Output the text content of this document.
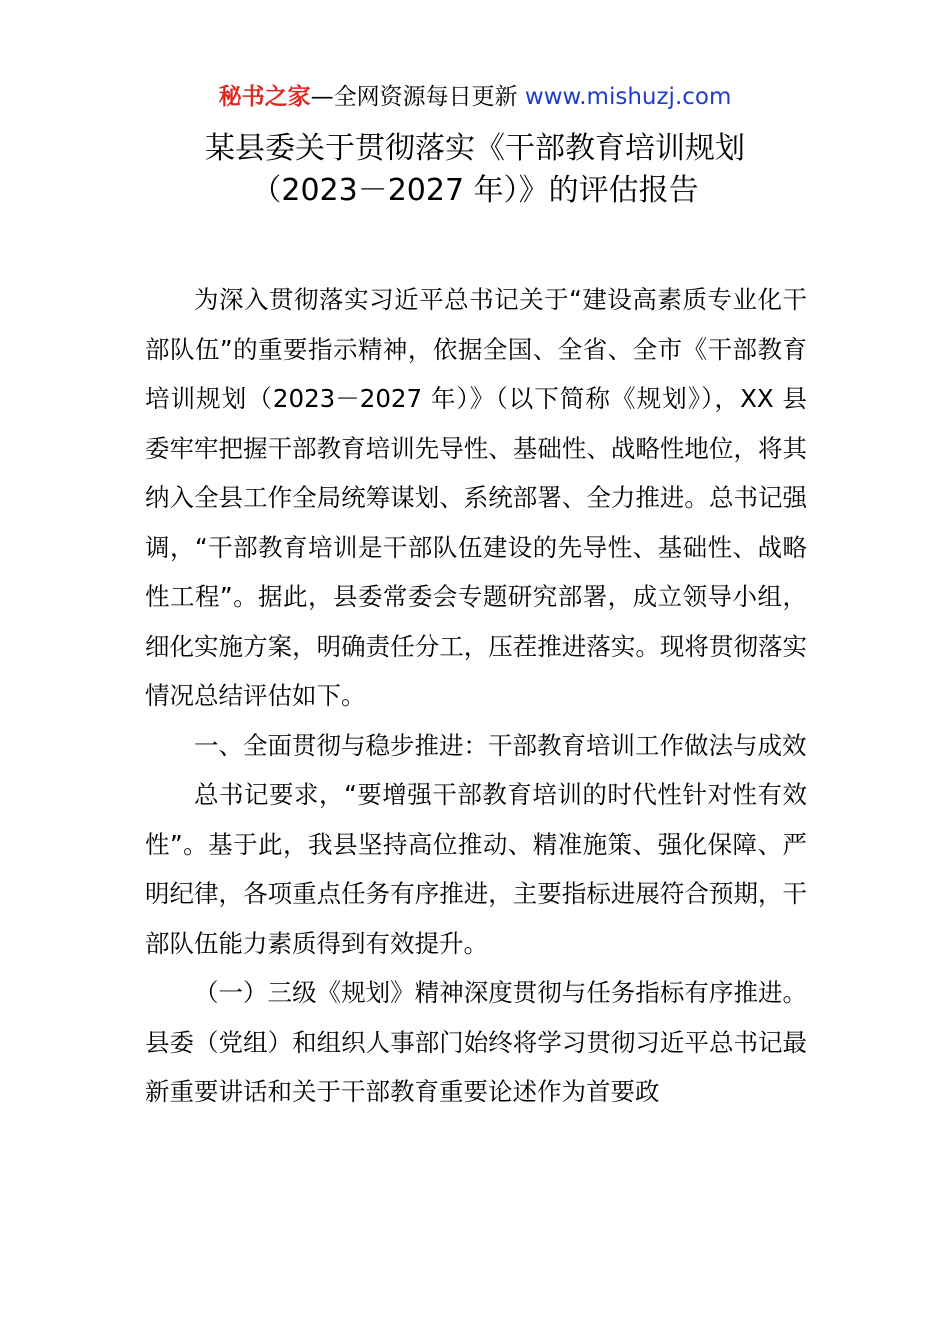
秘书之家—全网资源每日更新 www.mishuzj.com
某县委关于贯彻落实《干部教育培训规划
（2023－2027 年）》的评估报告

为深入贯彻落实习近平总书记关于“建设高素质专业化干部队伍”的重要指示精神，依据全国、全省、全市《干部教育培训规划（2023－2027 年）》（以下简称《规划》），XX 县委牢牢把握干部教育培训先导性、基础性、战略性地位，将其纳入全县工作全局统筹谋划、系统部署、全力推进。总书记强调，“干部教育培训是干部队伍建设的先导性、基础性、战略性工程”。据此，县委常委会专题研究部署，成立领导小组，细化实施方案，明确责任分工，压茬推进落实。现将贯彻落实情况总结评估如下。

一、全面贯彻与稳步推进：干部教育培训工作做法与成效

总书记要求，“要增强干部教育培训的时代性针对性有效性”。基于此，我县坚持高位推动、精准施策、强化保障、严明纪律，各项重点任务有序推进，主要指标进展符合预期，干部队伍能力素质得到有效提升。

（一）三级《规划》精神深度贯彻与任务指标有序推进。县委（党组）和组织人事部门始终将学习贯彻习近平总书记最新重要讲话和关于干部教育重要论述作为首要政
